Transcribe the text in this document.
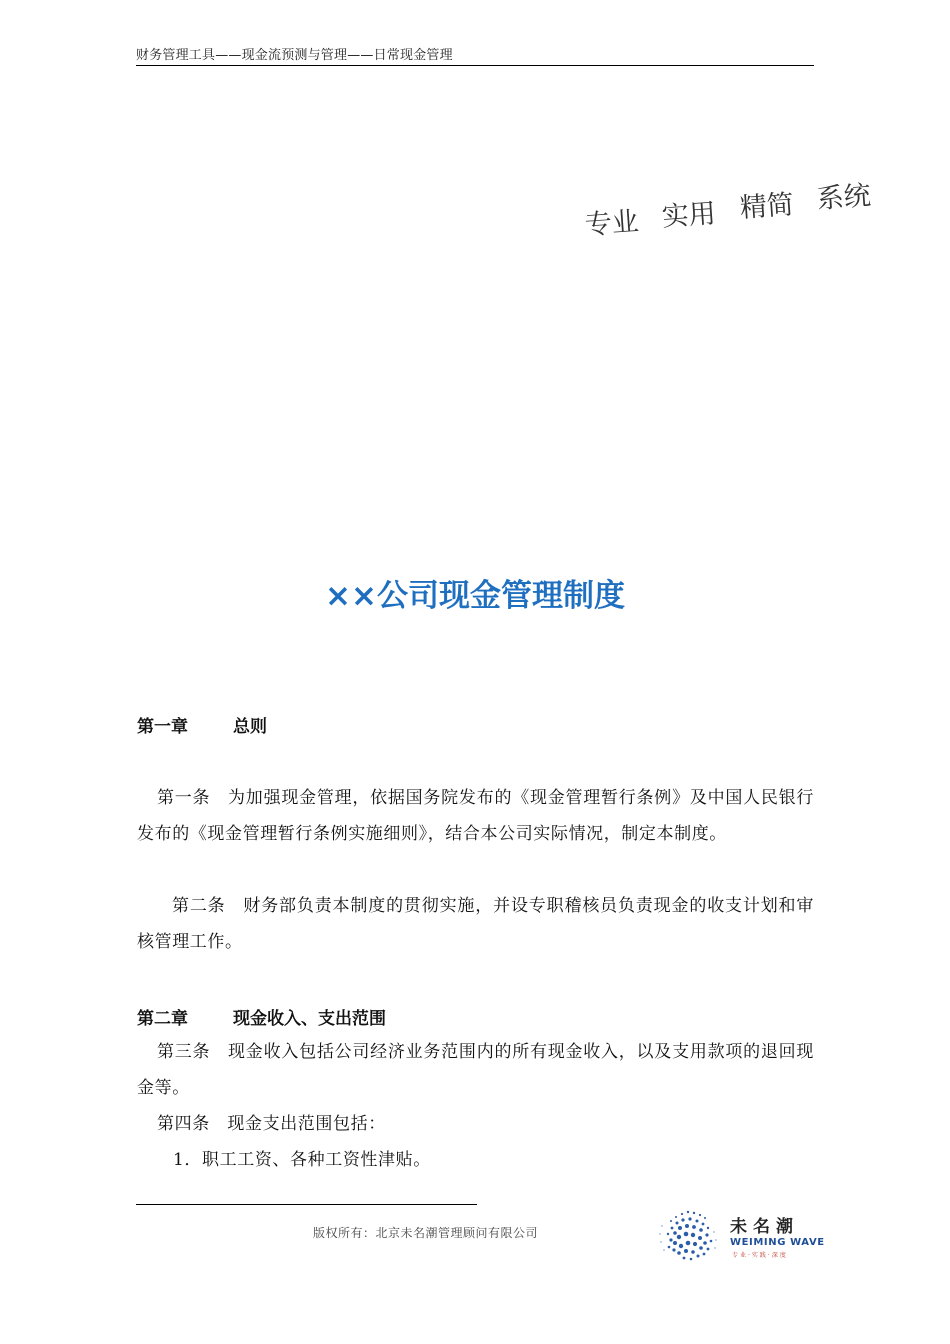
财务管理工具——现金流预测与管理——日常现金管理
专业 实用 精简 系统
××公司现金管理制度
第一章	总则
第一条　为加强现金管理，依据国务院发布的《现金管理暂行条例》及中国人民银行发布的《现金管理暂行条例实施细则》，结合本公司实际情况，制定本制度。
第二条　财务部负责本制度的贯彻实施，并设专职稽核员负责现金的收支计划和审核管理工作。
第二章	现金收入、支出范围
第三条　现金收入包括公司经济业务范围内的所有现金收入，以及支用款项的退回现金等。
第四条　现金支出范围包括：
1．职工工资、各种工资性津贴。
版权所有：北京未名潮管理顾问有限公司	未名潮
WEIMING WAVE
专业·实践·深度
